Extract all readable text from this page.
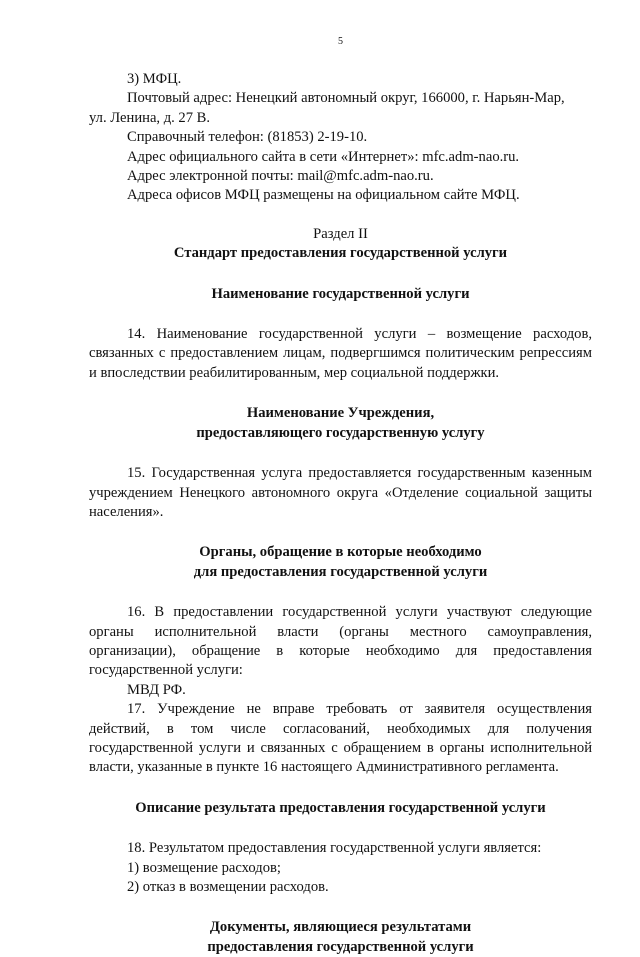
5

3) МФЦ.

Почтовый адрес: Ненецкий автономный округ, 166000, г. Нарьян-Мар,

ул. Ленина, д. 27 В.

Справочный телефон: (81853) 2-19-10.

Адрес официального сайта в сети «Интернет»: mfc.adm-nao.ru.

Адрес электронной почты: mail@mfc.adm-nao.ru.

Адреса офисов МФЦ размещены на официальном сайте МФЦ.

Раздел II

Стандарт предоставления государственной услуги

Наименование государственной услуги

14. Наименование государственной услуги – возмещение расходов, связанных с предоставлением лицам, подвергшимся политическим репрессиям и впоследствии реабилитированным, мер социальной поддержки.

Наименование Учреждения,

предоставляющего государственную услугу

15. Государственная услуга предоставляется государственным казенным учреждением Ненецкого автономного округа «Отделение социальной защиты населения».

Органы, обращение в которые необходимо

для предоставления государственной услуги

16. В предоставлении государственной услуги участвуют следующие органы исполнительной власти (органы местного самоуправления, организации), обращение в которые необходимо для предоставления государственной услуги:

МВД РФ.

17. Учреждение не вправе требовать от заявителя осуществления действий, в том числе согласований, необходимых для получения государственной услуги и связанных с обращением в органы исполнительной власти, указанные в пункте 16 настоящего Административного регламента.

Описание результата предоставления государственной услуги

18. Результатом предоставления государственной услуги является:

1) возмещение расходов;

2) отказ в возмещении расходов.

Документы, являющиеся результатами

предоставления государственной услуги
